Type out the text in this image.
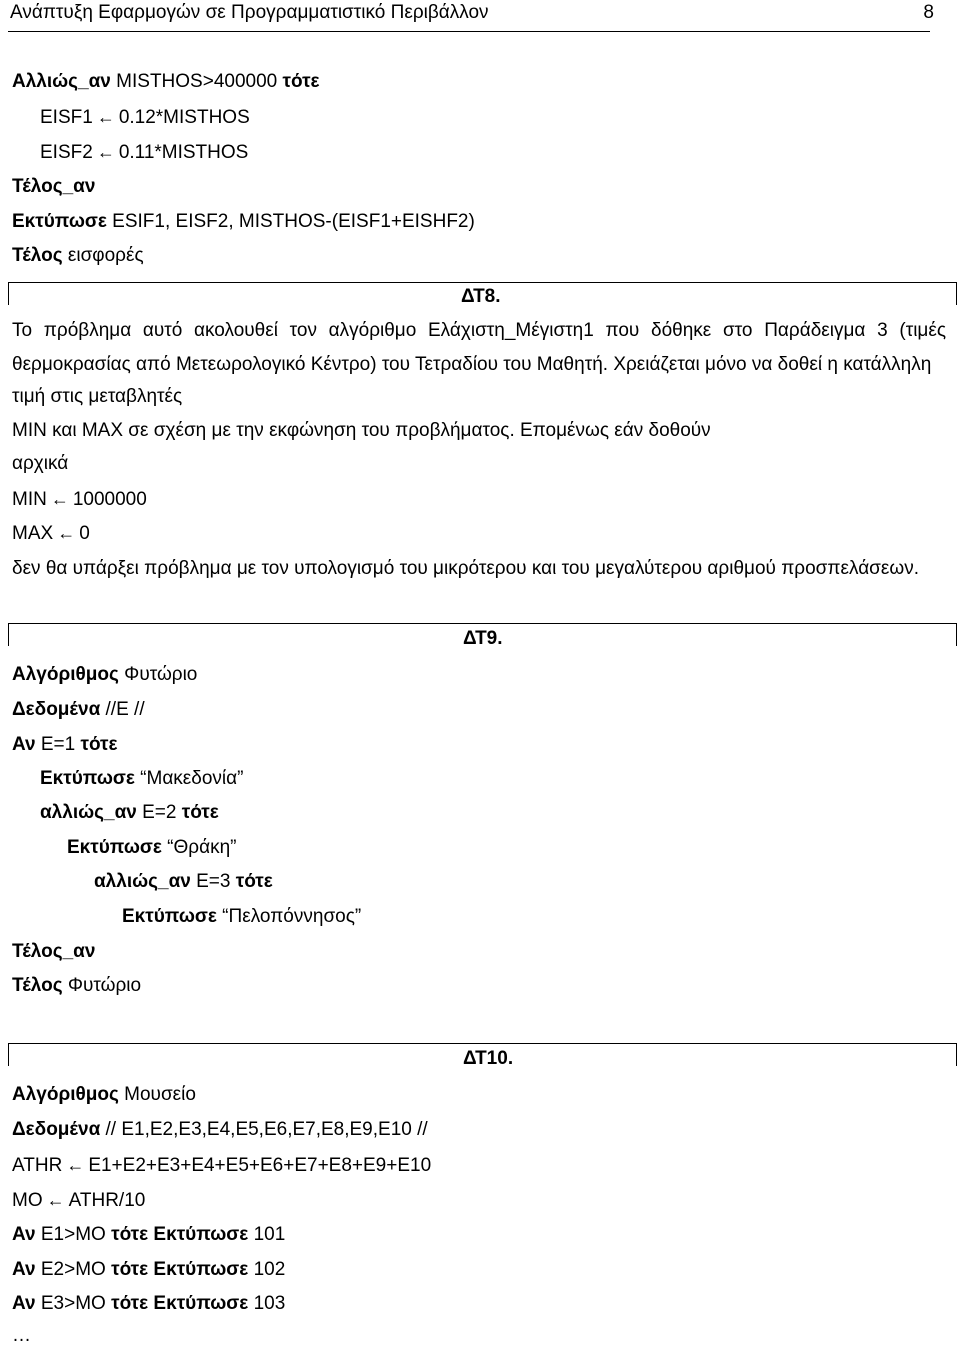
Ανάπτυξη Εφαρμογών σε Προγραμματιστικό Περιβάλλον	8
Αλλιώς_αν MISTHOS>400000 τότε
EISF1 ← 0.12*MISTHOS
EISF2 ← 0.11*MISTHOS
Τέλος_αν
Εκτύπωσε ESIF1, EISF2, MISTHOS-(EISF1+EISHF2)
Τέλος εισφορές
ΔΤ8.
Το πρόβλημα αυτό ακολουθεί τον αλγόριθμο Ελάχιστη_Μέγιστη1 που δόθηκε στο Παράδειγμα 3 (τιμές
θερμοκρασίας από Μετεωρολογικό Κέντρο) του Τετραδίου του Μαθητή. Χρειάζεται μόνο να δοθεί η κατάλληλη
τιμή στις μεταβλητές
MIN και MAX σε σχέση με την εκφώνηση του προβλήματος. Επομένως εάν δοθούν
αρχικά
MIN ← 1000000
MAX ← 0
δεν θα υπάρξει πρόβλημα με τον υπολογισμό του μικρότερου και του μεγαλύτερου αριθμού προσπελάσεων.
ΔΤ9.
Αλγόριθμος Φυτώριο
Δεδομένα //Ε //
Αν Ε=1 τότε
Εκτύπωσε “Μακεδονία”
αλλιώς_αν Ε=2 τότε
Εκτύπωσε “Θράκη”
αλλιώς_αν Ε=3 τότε
Εκτύπωσε “Πελοπόννησος”
Τέλος_αν
Τέλος Φυτώριο
ΔΤ10.
Αλγόριθμος Μουσείο
Δεδομένα // Ε1,Ε2,Ε3,Ε4,Ε5,Ε6,Ε7,Ε8,Ε9,Ε10 //
ATHR ← E1+E2+E3+E4+E5+E6+E7+E8+E9+E10
MO ← ATHR/10
Αν Ε1>ΜΟ τότε Εκτύπωσε 101
Αν Ε2>ΜΟ τότε Εκτύπωσε 102
Αν Ε3>ΜΟ τότε Εκτύπωσε 103
…
